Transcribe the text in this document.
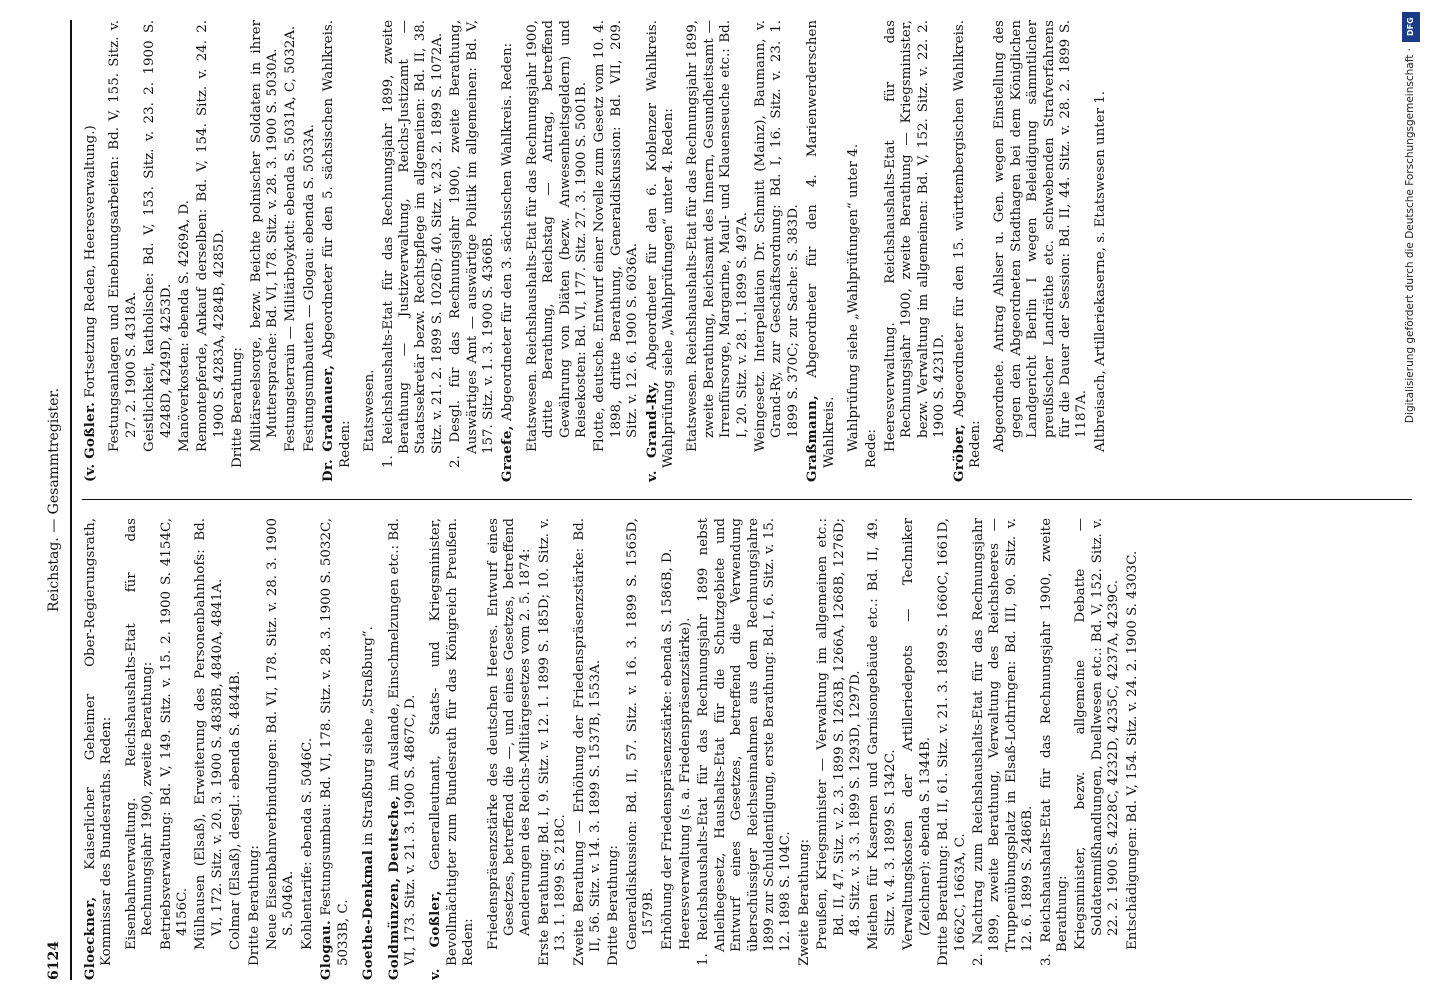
6124
Reichstag. — Gesammtregister.
Gloeckner, Kaiserlicher Geheimer Ober-Regierungsrath, Kommissar des Bundesraths. Reden: Eisenbahnverwaltung. Reichshaushalts-Etat für das Rechnungsjahr 1900, zweite Berathung: Betriebsverwaltung: Bd. V, 149. Sitz. v. 15. 2. 1900 S. 4154C, 4156C. Mülhausen (Elsaß), Erweiterung des Personenbahnhofs: Bd. VI, 172. Sitz. v. 20. 3. 1900 S. 4838B, 4840A, 4841A. Colmar (Elsaß), desgl.: ebenda S. 4844B. Dritte Berathung: Neue Eisenbahnverbindungen: Bd. VI, 178. Sitz. v. 28. 3. 1900 S. 5046A. Kohlentarife: ebenda S. 5046C. Glogau. Festungsumbau: Bd. VI, 178. Sitz. v. 28. 3. 1900 S. 5032C, 5033B, C. Goethe-Denkmal in Straßburg siehe „Straßburg“.
Goldmünzen, Deutsche, im Auslande, Einschmelzungen etc.: Bd. VI, 173. Sitz. v. 21. 3. 1900 S. 4867C, D. v. Goßler, Generalleutnant, Staats- und Kriegsminister, Bevollmächtigter zum Bundesrath für das Königreich Preußen. Reden: Friedenspräsenzstärke des deutschen Heeres. Entwurf eines Gesetzes, betreffend die —, und eines Gesetzes, betreffend Aenderungen des Reichs-Militärgesetzes vom 2. 5. 1874: Erste Berathung: Bd. I, 9. Sitz. v. 12. 1. 1899 S. 185D; 10. Sitz. v. 13. 1. 1899 S. 218C. Zweite Berathung — Erhöhung der Friedenspräsenzstärke: Bd. II, 56. Sitz. v. 14. 3. 1899 S. 1537B, 1553A. Dritte Berathung: Generaldiskussion: Bd. II, 57. Sitz. v. 16. 3. 1899 S. 1565D, 1579B. Erhöhung der Friedenspräsenzstärke: ebenda S. 1586B, D. Heeresverwaltung (s. a. Friedenspräsenzstärke). 1. Reichshaushalts-Etat für das Rechnungsjahr 1899 nebst Anleihegesetz, Haushalts-Etat für die Schutzgebiete und Entwurf eines Gesetzes, betreffend die Verwendung überschüssiger Reichseinnahmen aus dem Rechnungsjahre 1899 zur Schuldentilgung, erste Berathung: Bd. I, 6. Sitz. v. 15. 12. 1898 S. 104C. Zweite Berathung: Preußen, Kriegsminister — Verwaltung im allgemeinen etc.: Bd. II, 47. Sitz. v. 2. 3. 1899 S. 1263B, 1266A, 1268B, 1276D; 48. Sitz. v. 3. 3. 1899 S. 1293D, 1297D. Miethen für Kasernen und Garnisongebäude etc.: Bd. II, 49. Sitz. v. 4. 3. 1899 S. 1342C. Verwaltungskosten der Artilleriedepots — Techniker (Zeichner): ebenda S. 1344B. Dritte Berathung: Bd. II, 61. Sitz. v. 21. 3. 1899 S. 1660C, 1661D, 1662C, 1663A, C. 2. Nachtrag zum Reichshaushalts-Etat für das Rechnungsjahr 1899, zweite Berathung, Verwaltung des Reichsheeres — Truppenübungsplatz in Elsaß-Lothringen: Bd. III, 90. Sitz. v. 12. 6. 1899 S. 2486B. 3. Reichshaushalts-Etat für das Rechnungsjahr 1900, zweite Berathung: Kriegsminister, bezw. allgemeine Debatte — Soldatenmißhandlungen, Duellwesen etc.: Bd. V, 152. Sitz. v. 22. 2. 1900 S. 4228C, 4232D, 4235C, 4237A, 4239C. Entschädigungen: Bd. V, 154. Sitz. v. 24. 2. 1900 S. 4303C.
(v. Goßler. Fortsetzung Reden, Heeresverwaltung.) Festungsanlagen und Einebnungsarbeiten: Bd. V, 155. Sitz. v. 27. 2. 1900 S. 4318A. Geistlichkeit, katholische: Bd. V, 153. Sitz. v. 23. 2. 1900 S. 4248D, 4249D, 4253D. Manöverkosten: ebenda S. 4269A, D. Remontepferde, Ankauf derselben: Bd. V, 154. Sitz. v. 24. 2. 1900 S. 4283A, 4284B, 4285D. Dritte Berathung: Militärseelsorge, bezw. Beichte polnischer Soldaten in ihrer Muttersprache: Bd. VI, 178. Sitz. v. 28. 3. 1900 S. 5030A. Festungsterrain — Militärboykott: ebenda S. 5031A, C, 5032A. Festungsumbauten — Glogau: ebenda S. 5033A. Dr. Gradnauer, Abgeordneter für den 5. sächsischen Wahlkreis. Reden: Etatswesen. 1. Reichshaushalts-Etat für das Rechnungsjahr 1899, zweite Berathung — Justizverwaltung, Reichs-Justizamt — Staatssekretär bezw. Rechtspflege im allgemeinen: Bd. II, 38. Sitz. v. 21. 2. 1899 S. 1026D; 40. Sitz. v. 23. 2. 1899 S. 1072A. 2. Desgl. für das Rechnungsjahr 1900, zweite Berathung, Auswärtiges Amt — auswärtige Politik im allgemeinen: Bd. V, 157. Sitz. v. 1. 3. 1900 S. 4366B. Graefe, Abgeordneter für den 3. sächsischen Wahlkreis. Reden: Etatswesen. Reichshaushalts-Etat für das Rechnungsjahr 1900, dritte Berathung, Reichstag — Antrag, betreffend Gewährung von Diäten (bezw. Anwesenheitsgeldern) und Reisekosten: Bd. VI, 177. Sitz. 27. 3. 1900 S. 5001B. Flotte, deutsche. Entwurf einer Novelle zum Gesetz vom 10. 4. 1898, dritte Berathung, Generaldiskussion: Bd. VII, 209. Sitz. v. 12. 6. 1900 S. 6036A. v. Grand-Ry, Abgeordneter für den 6. Koblenzer Wahlkreis. Wahlprüfung siehe „Wahlprüfungen“ unter 4. Reden: Etatswesen. Reichshaushalts-Etat für das Rechnungsjahr 1899, zweite Berathung, Reichsamt des Innern, Gesundheitsamt — Irrenfürsorge, Margarine, Maul- und Klauenseuche etc.: Bd. I, 20. Sitz. v. 28. 1. 1899 S. 497A. Weingesetz. Interpellation Dr. Schmitt (Mainz), Baumann, v. Grand-Ry, zur Geschäftsordnung: Bd. I, 16. Sitz. v. 23. 1. 1899 S. 370C; zur Sache: S. 383D.
Graßmann, Abgeordneter für den 4. Marienwerderschen Wahlkreis. Wahlprüfung siehe „Wahlprüfungen“ unter 4. Rede: Heeresverwaltung. Reichshaushalts-Etat für das Rechnungsjahr 1900, zweite Berathung — Kriegsminister, bezw. Verwaltung im allgemeinen: Bd. V, 152. Sitz. v. 22. 2. 1900 S. 4231D.
Gröber, Abgeordneter für den 15. württembergischen Wahlkreis. Reden: Abgeordnete. Antrag Ahlser u. Gen. wegen Einstellung des gegen den Abgeordneten Stadthagen bei dem Königlichen Landgericht Berlin I wegen Beleidigung sämmtlicher preußischer Landräthe etc. schwebenden Strafverfahrens für die Dauer der Session: Bd. II, 44. Sitz. v. 28. 2. 1899 S. 1187A. Altbreisach, Artilleriekaserne, s. Etatswesen unter 1.
DFG
Digitalisierung gefördert durch die Deutsche Forschungsgemeinschaft ·
